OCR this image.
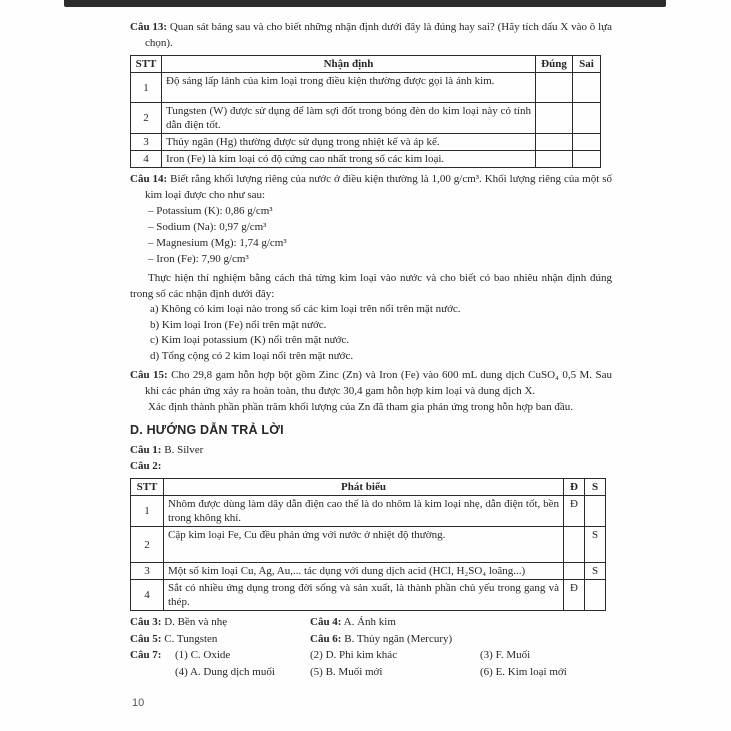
Câu 13: Quan sát bảng sau và cho biết những nhận định dưới đây là đúng hay sai? (Hãy tích dấu X vào ô lựa chọn).

STT	Nhận định	Đúng	Sai
1	Độ sáng lấp lánh của kim loại trong điều kiện thường được gọi là ánh kim.		
2	Tungsten (W) được sử dụng để làm sợi đốt trong bóng đèn do kim loại này có tính dẫn điện tốt.		
3	Thủy ngân (Hg) thường được sử dụng trong nhiệt kế và áp kế.		
4	Iron (Fe) là kim loại có độ cứng cao nhất trong số các kim loại.		

Câu 14: Biết rằng khối lượng riêng của nước ở điều kiện thường là 1,00 g/cm³. Khối lượng riêng của một số kim loại được cho như sau:

– Potassium (K): 0,86 g/cm³
– Sodium (Na): 0,97 g/cm³
– Magnesium (Mg): 1,74 g/cm³
– Iron (Fe): 7,90 g/cm³

Thực hiện thí nghiệm bằng cách thả từng kim loại vào nước và cho biết có bao nhiêu nhận định đúng trong số các nhận định dưới đây:

a) Không có kim loại nào trong số các kim loại trên nổi trên mặt nước.
b) Kim loại Iron (Fe) nổi trên mặt nước.
c) Kim loại potassium (K) nổi trên mặt nước.
d) Tổng cộng có 2 kim loại nổi trên mặt nước.

Câu 15: Cho 29,8 gam hỗn hợp bột gồm Zinc (Zn) và Iron (Fe) vào 600 mL dung dịch CuSO₄ 0,5 M. Sau khi các phản ứng xảy ra hoàn toàn, thu được 30,4 gam hỗn hợp kim loại và dung dịch X.

Xác định thành phần phần trăm khối lượng của Zn đã tham gia phản ứng trong hỗn hợp ban đầu.

D. HƯỚNG DẪN TRẢ LỜI
Câu 1: B. Silver
Câu 2:
STT	Phát biểu	Đ	S
1	Nhôm được dùng làm dây dẫn điện cao thế là do nhôm là kim loại nhẹ, dẫn điện tốt, bền trong không khí.	Đ	
2	Cặp kim loại Fe, Cu đều phản ứng với nước ở nhiệt độ thường.		S
3	Một số kim loại Cu, Ag, Au,... tác dụng với dung dịch acid (HCl, H₂SO₄ loãng...)		S
4	Sắt có nhiều ứng dụng trong đời sống và sản xuất, là thành phần chủ yếu trong gang và thép.	Đ	
Câu 3: D. Bền và nhẹ	Câu 4: A. Ánh kim
Câu 5: C. Tungsten	Câu 6: B. Thủy ngân (Mercury)
Câu 7: (1) C. Oxide	(2) D. Phi kim khác	(3) F. Muối
(4) A. Dung dịch muối	(5) B. Muối mới	(6) E. Kim loại mới
10
